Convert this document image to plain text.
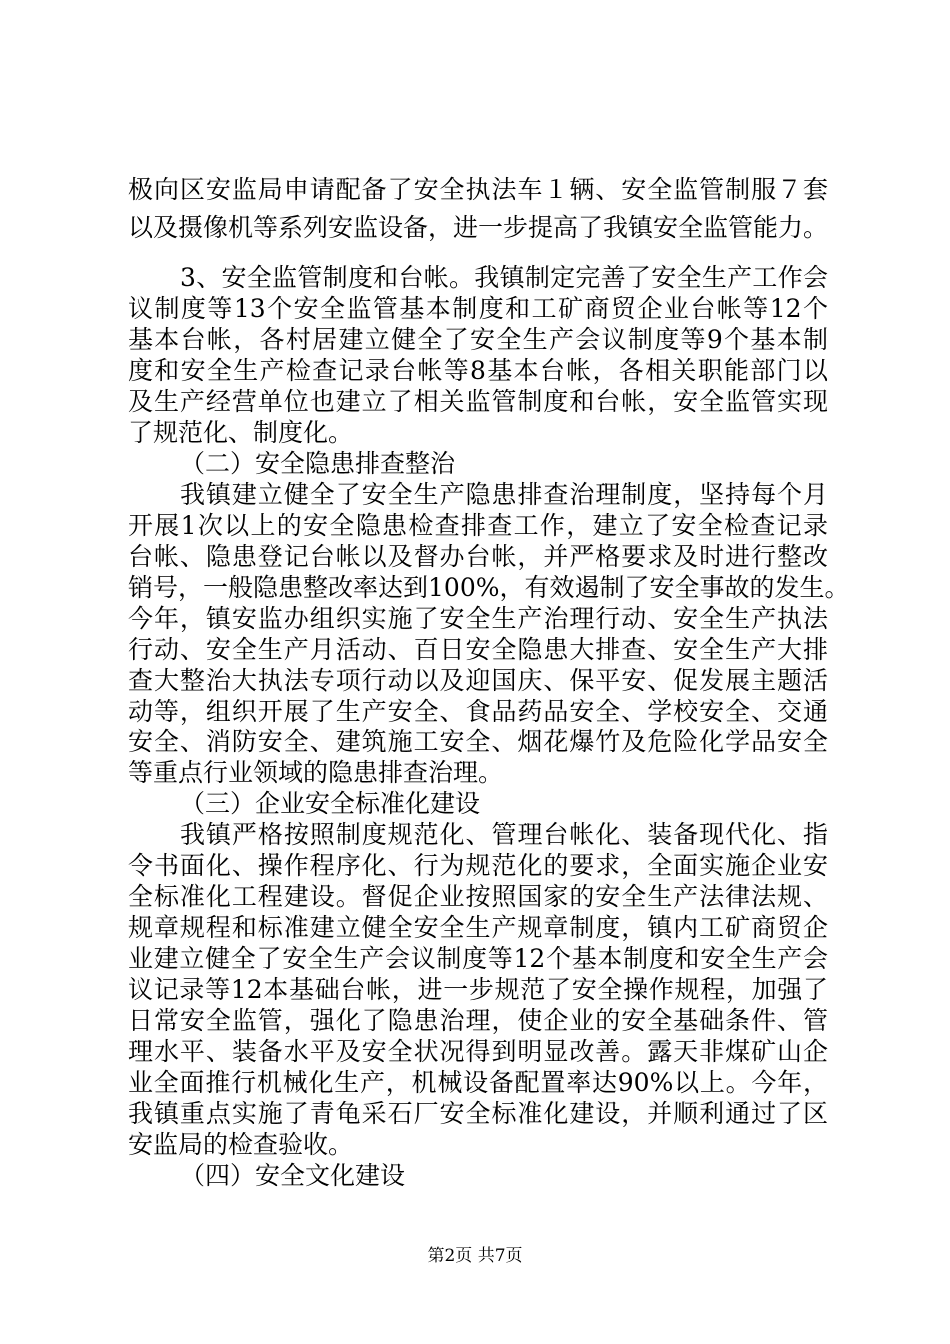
极向区安监局申请配备了安全执法车１辆、安全监管制服７套
以及摄像机等系列安监设备，进一步提高了我镇安全监管能力。
3、安全监管制度和台帐。我镇制定完善了安全生产工作会
议制度等13个安全监管基本制度和工矿商贸企业台帐等12个
基本台帐，各村居建立健全了安全生产会议制度等9个基本制
度和安全生产检查记录台帐等8基本台帐，各相关职能部门以
及生产经营单位也建立了相关监管制度和台帐，安全监管实现
了规范化、制度化。
（二）安全隐患排查整治
我镇建立健全了安全生产隐患排查治理制度，坚持每个月
开展1次以上的安全隐患检查排查工作，建立了安全检查记录
台帐、隐患登记台帐以及督办台帐，并严格要求及时进行整改
销号，一般隐患整改率达到100%，有效遏制了安全事故的发生。
今年，镇安监办组织实施了安全生产治理行动、安全生产执法
行动、安全生产月活动、百日安全隐患大排查、安全生产大排
查大整治大执法专项行动以及迎国庆、保平安、促发展主题活
动等，组织开展了生产安全、食品药品安全、学校安全、交通
安全、消防安全、建筑施工安全、烟花爆竹及危险化学品安全
等重点行业领域的隐患排查治理。
（三）企业安全标准化建设
我镇严格按照制度规范化、管理台帐化、装备现代化、指
令书面化、操作程序化、行为规范化的要求，全面实施企业安
全标准化工程建设。督促企业按照国家的安全生产法律法规、
规章规程和标准建立健全安全生产规章制度，镇内工矿商贸企
业建立健全了安全生产会议制度等12个基本制度和安全生产会
议记录等12本基础台帐，进一步规范了安全操作规程，加强了
日常安全监管，强化了隐患治理，使企业的安全基础条件、管
理水平、装备水平及安全状况得到明显改善。露天非煤矿山企
业全面推行机械化生产，机械设备配置率达90%以上。今年，
我镇重点实施了青龟采石厂安全标准化建设，并顺利通过了区
安监局的检查验收。
（四）安全文化建设
第2页 共7页
